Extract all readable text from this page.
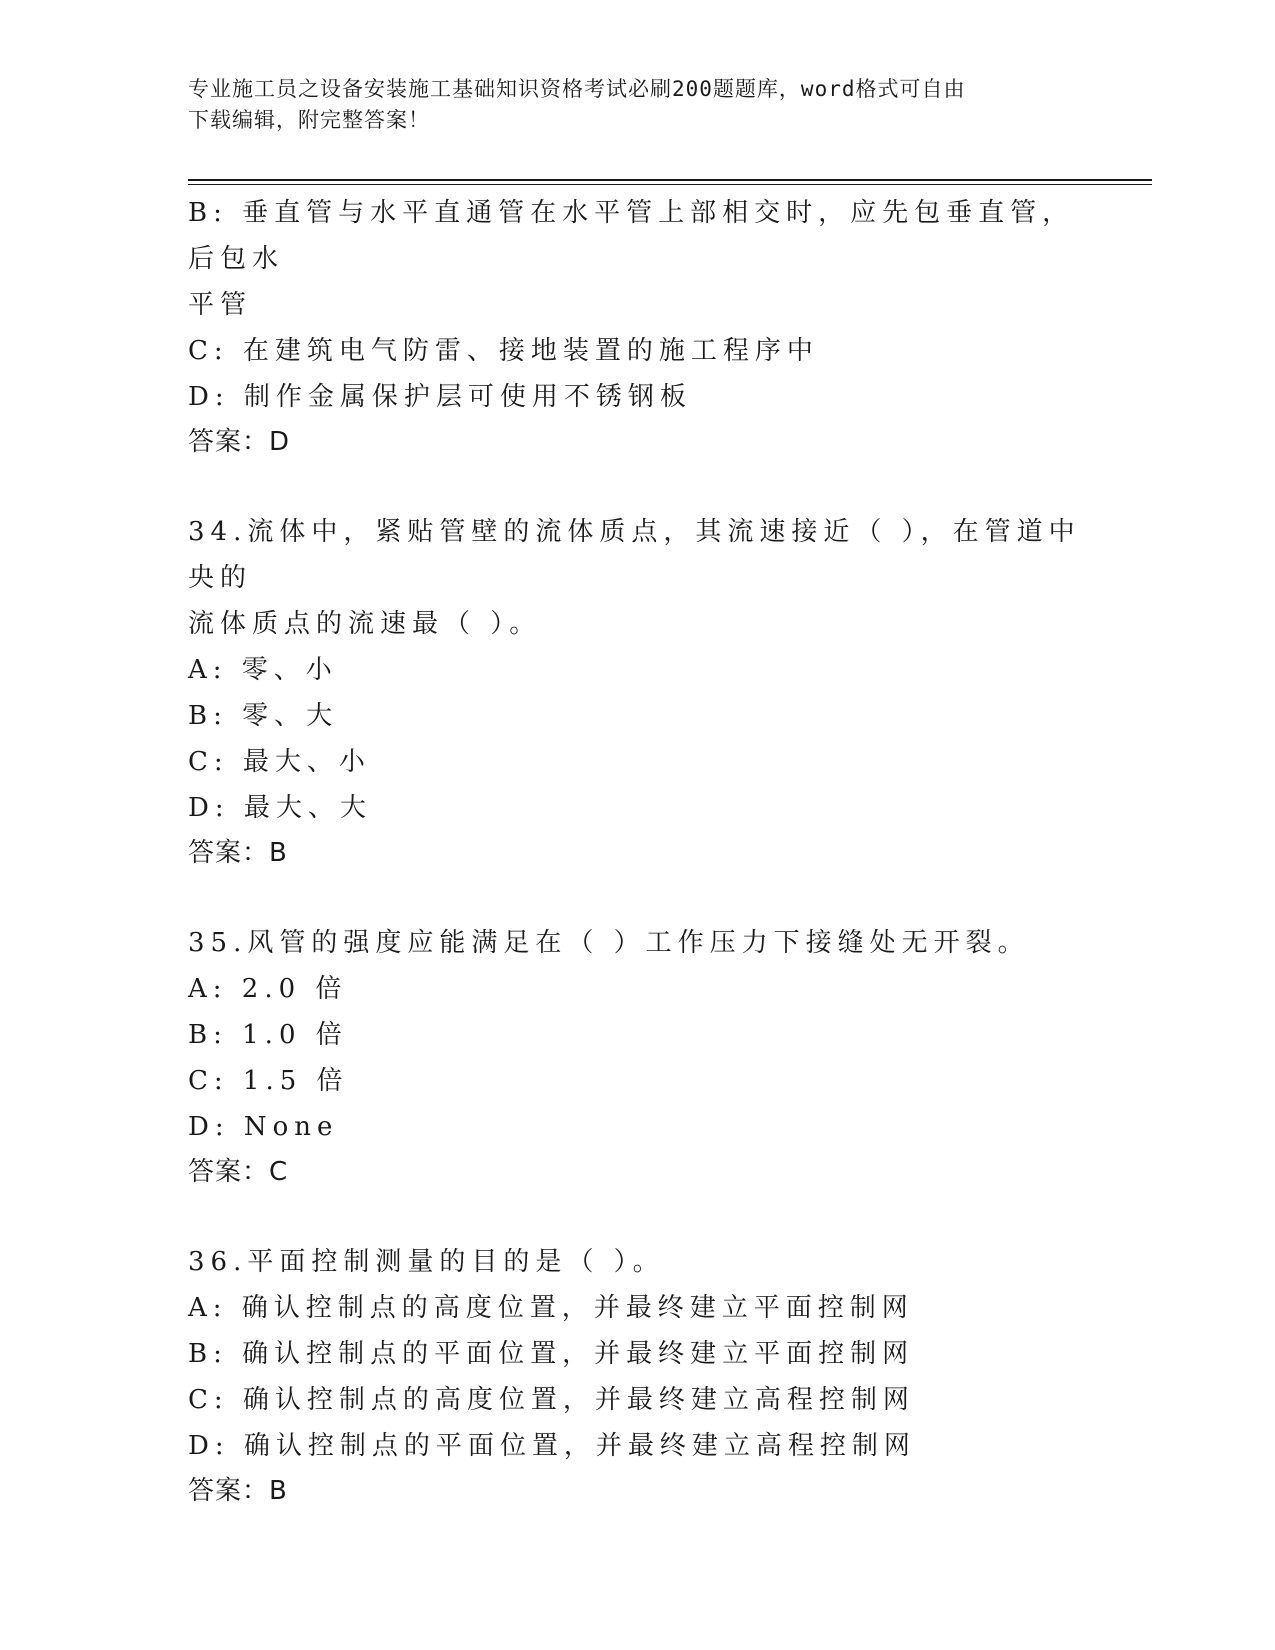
专业施工员之设备安装施工基础知识资格考试必刷200题题库，word格式可自由
下载编辑，附完整答案！
B: 垂直管与水平直通管在水平管上部相交时，应先包垂直管，后包水
平管
C: 在建筑电气防雷、接地装置的施工程序中
D: 制作金属保护层可使用不锈钢板
答案：D
34.流体中，紧贴管壁的流体质点，其流速接近（ ），在管道中央的
流体质点的流速最（ ）。
A: 零、小
B: 零、大
C: 最大、小
D: 最大、大
答案：B
35.风管的强度应能满足在（ ）工作压力下接缝处无开裂。
A: 2.0 倍
B: 1.0 倍
C: 1.5 倍
D: None
答案：C
36.平面控制测量的目的是（ ）。
A: 确认控制点的高度位置，并最终建立平面控制网
B: 确认控制点的平面位置，并最终建立平面控制网
C: 确认控制点的高度位置，并最终建立高程控制网
D: 确认控制点的平面位置，并最终建立高程控制网
答案：B
